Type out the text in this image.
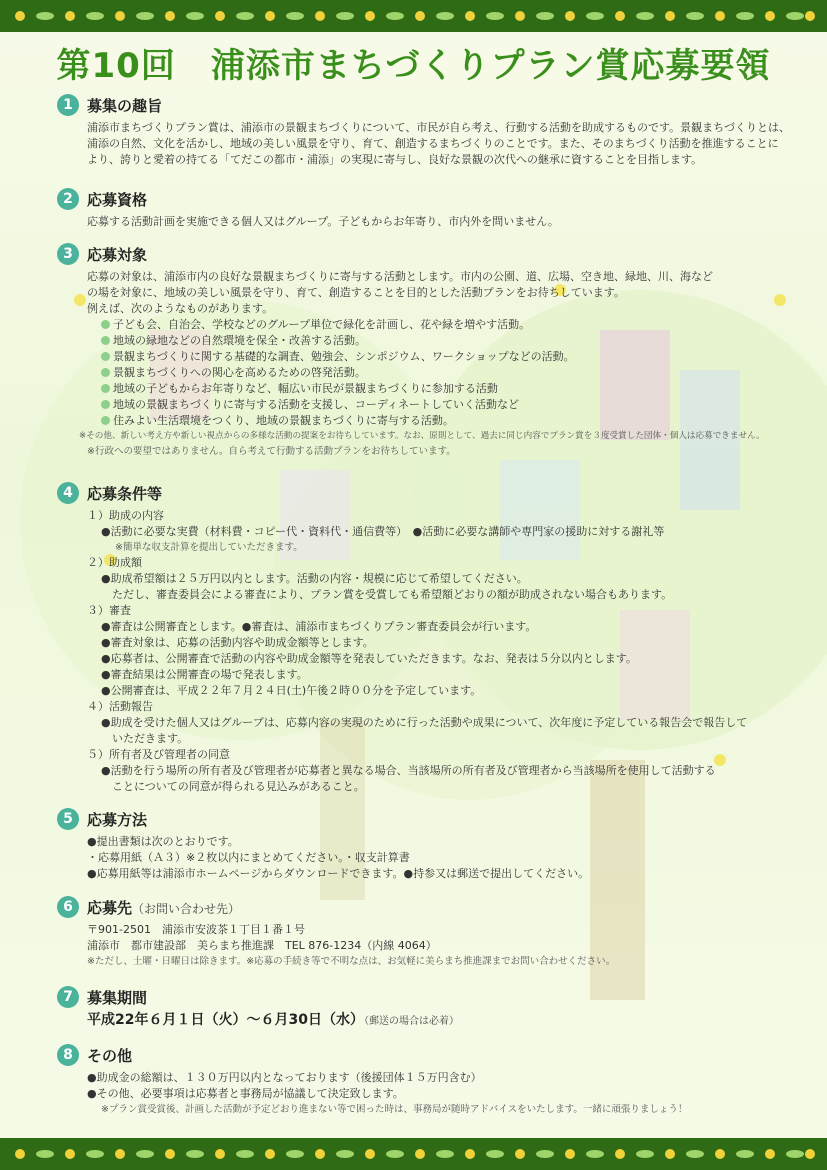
第10回　浦添市まちづくりプラン賞応募要領
1 募集の趣旨
浦添市まちづくりプラン賞は、浦添市の景観まちづくりについて、市民が自ら考え、行動する活動を助成するものです。景観まちづくりとは、
浦添の自然、文化を活かし、地域の美しい風景を守り、育て、創造するまちづくりのことです。また、そのまちづくり活動を推進することに
より、誇りと愛着の持てる「てだこの都市・浦添」の実現に寄与し、良好な景観の次代への継承に資することを目指します。
2 応募資格
応募する活動計画を実施できる個人又はグループ。子どもからお年寄り、市内外を問いません。
3 応募対象
応募の対象は、浦添市内の良好な景観まちづくりに寄与する活動とします。市内の公園、道、広場、空き地、緑地、川、海など
の場を対象に、地域の美しい風景を守り、育て、創造することを目的とした活動プランをお待ちしています。
例えば、次のようなものがあります。
子ども会、自治会、学校などのグループ単位で緑化を計画し、花や緑を増やす活動。
地域の緑地などの自然環境を保全・改善する活動。
景観まちづくりに関する基礎的な調査、勉強会、シンポジウム、ワークショップなどの活動。
景観まちづくりへの関心を高めるための啓発活動。
地域の子どもからお年寄りなど、幅広い市民が景観まちづくりに参加する活動
地域の景観まちづくりに寄与する活動を支援し、コーディネートしていく活動など
住みよい生活環境をつくり、地域の景観まちづくりに寄与する活動。
※その他、新しい考え方や新しい視点からの多様な活動の提案をお待ちしています。なお、原則として、過去に同じ内容でプラン賞を３度受賞した団体・個人は応募できません。
※行政への要望ではありません。自ら考えて行動する活動プランをお待ちしています。
4 応募条件等
１）助成の内容
●活動に必要な実費（材料費・コピー代・資料代・通信費等）　●活動に必要な講師や専門家の援助に対する謝礼等
※簡単な収支計算を提出していただきます。
２）助成額
●助成希望額は２５万円以内とします。活動の内容・規模に応じて希望してください。
　ただし、審査委員会による審査により、プラン賞を受賞しても希望額どおりの額が助成されない場合もあります。
３）審査
●審査は公開審査とします。●審査は、浦添市まちづくりプラン審査委員会が行います。
●審査対象は、応募の活動内容や助成金額等とします。
●応募者は、公開審査で活動の内容や助成金額等を発表していただきます。なお、発表は５分以内とします。
●審査結果は公開審査の場で発表します。
●公開審査は、平成２２年７月２４日(土)午後２時００分を予定しています。
４）活動報告
●助成を受けた個人又はグループは、応募内容の実現のために行った活動や成果について、次年度に予定している報告会で報告して
　いただきます。
５）所有者及び管理者の同意
●活動を行う場所の所有者及び管理者が応募者と異なる場合、当該場所の所有者及び管理者から当該場所を使用して活動する
　ことについての同意が得られる見込みがあること。
5 応募方法
●提出書類は次のとおりです。
・応募用紙（Ａ３）※２枚以内にまとめてください。・収支計算書
●応募用紙等は浦添市ホームページからダウンロードできます。●持参又は郵送で提出してください。
6 応募先（お問い合わせ先）
〒901-2501　浦添市安波茶１丁目１番１号
浦添市　都市建設部　美らまち推進課　TEL 876-1234（内線 4064）
※ただし、土曜・日曜日は除きます。※応募の手続き等で不明な点は、お気軽に美らまち推進課までお問い合わせください。
7 募集期間
平成22年６月１日（火）～６月30日（水）（郵送の場合は必着）
8 その他
●助成金の総額は、１３０万円以内となっております（後援団体１５万円含む）
●その他、必要事項は応募者と事務局が協議して決定致します。
※プラン賞受賞後、計画した活動が予定どおり進まない等で困った時は、事務局が随時アドバイスをいたします。一緒に頑張りましょう！
